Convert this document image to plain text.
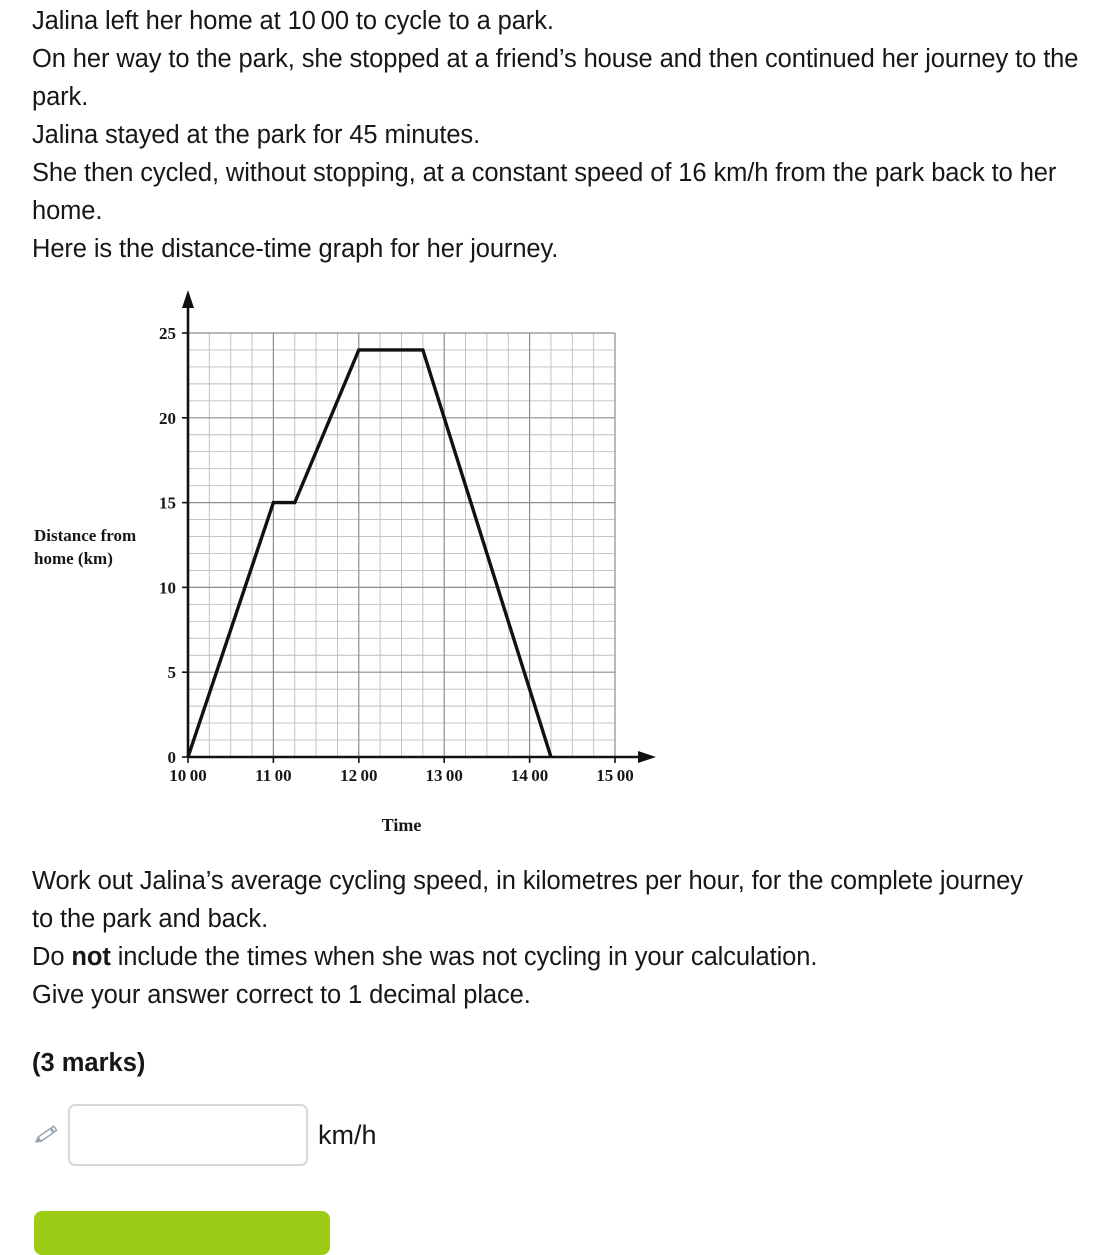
Jalina left her home at 10 00 to cycle to a park.

On her way to the park, she stopped at a friend’s house and then continued her journey to the park.

Jalina stayed at the park for 45 minutes.

She then cycled, without stopping, at a constant speed of 16 km/h from the park back to her home.

Here is the distance-time graph for her journey.

Distance from
home (km)
10 00	11 00	12 00	13 00	14 00	15 00
0
5
10
15
20
25
Time

Work out Jalina’s average cycling speed, in kilometres per hour, for the complete journey to the park and back.

Do not include the times when she was not cycling in your calculation.

Give your answer correct to 1 decimal place.

(3 marks)
km/h
